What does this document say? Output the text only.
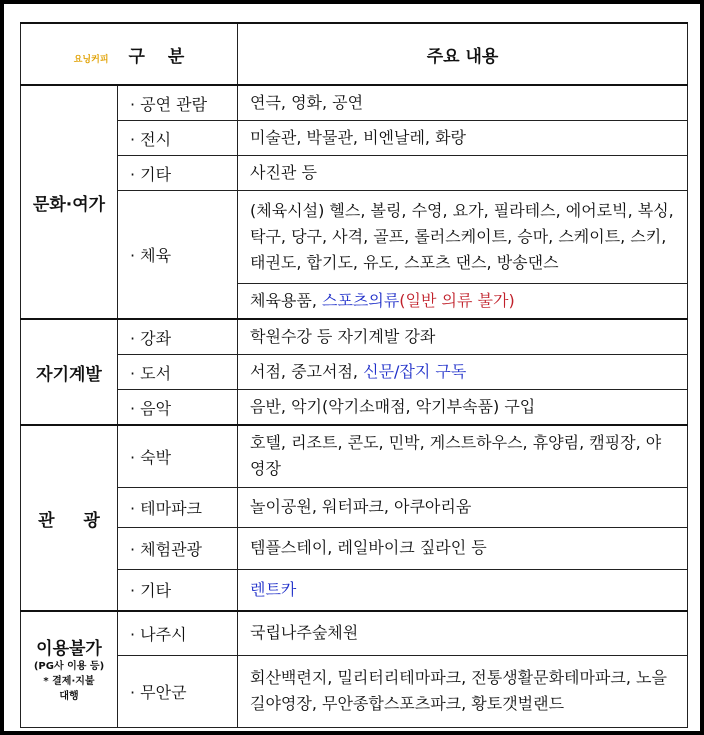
요닝커피 구 　분		주요 내용
문화·여가	· 공연 관람	연극, 영화, 공연
	· 전시	미술관, 박물관, 비엔날레, 화랑
	· 기타	사진관 등
	· 체육	(체육시설) 헬스, 볼링, 수영, 요가, 필라테스, 에어로빅, 복싱, 탁구, 당구, 사격, 골프, 롤러스케이트, 승마, 스케이트, 스키, 태권도, 합기도, 유도, 스포츠 댄스, 방송댄스
		체육용품, 스포츠의류(일반 의류 불가)
자기계발	· 강좌	학원수강 등 자기계발 강좌
	· 도서	서점, 중고서점, 신문/잡지 구독
	· 음악	음반, 악기(악기소매점, 악기부속품) 구입
관 　 광	· 숙박	호텔, 리조트, 콘도, 민박, 게스트하우스, 휴양림, 캠핑장, 야영장
	· 테마파크	놀이공원, 워터파크, 아쿠아리움
	· 체험관광	템플스테이, 레일바이크 짚라인 등
	· 기타	렌트카

이용불가
(PG사 이용 등)
* 결제·지불
대행	· 나주시	국립나주숲체원
	· 무안군	회산백련지, 밀리터리테마파크, 전통생활문화테마파크, 노을길야영장, 무안종합스포츠파크, 황토갯벌랜드
